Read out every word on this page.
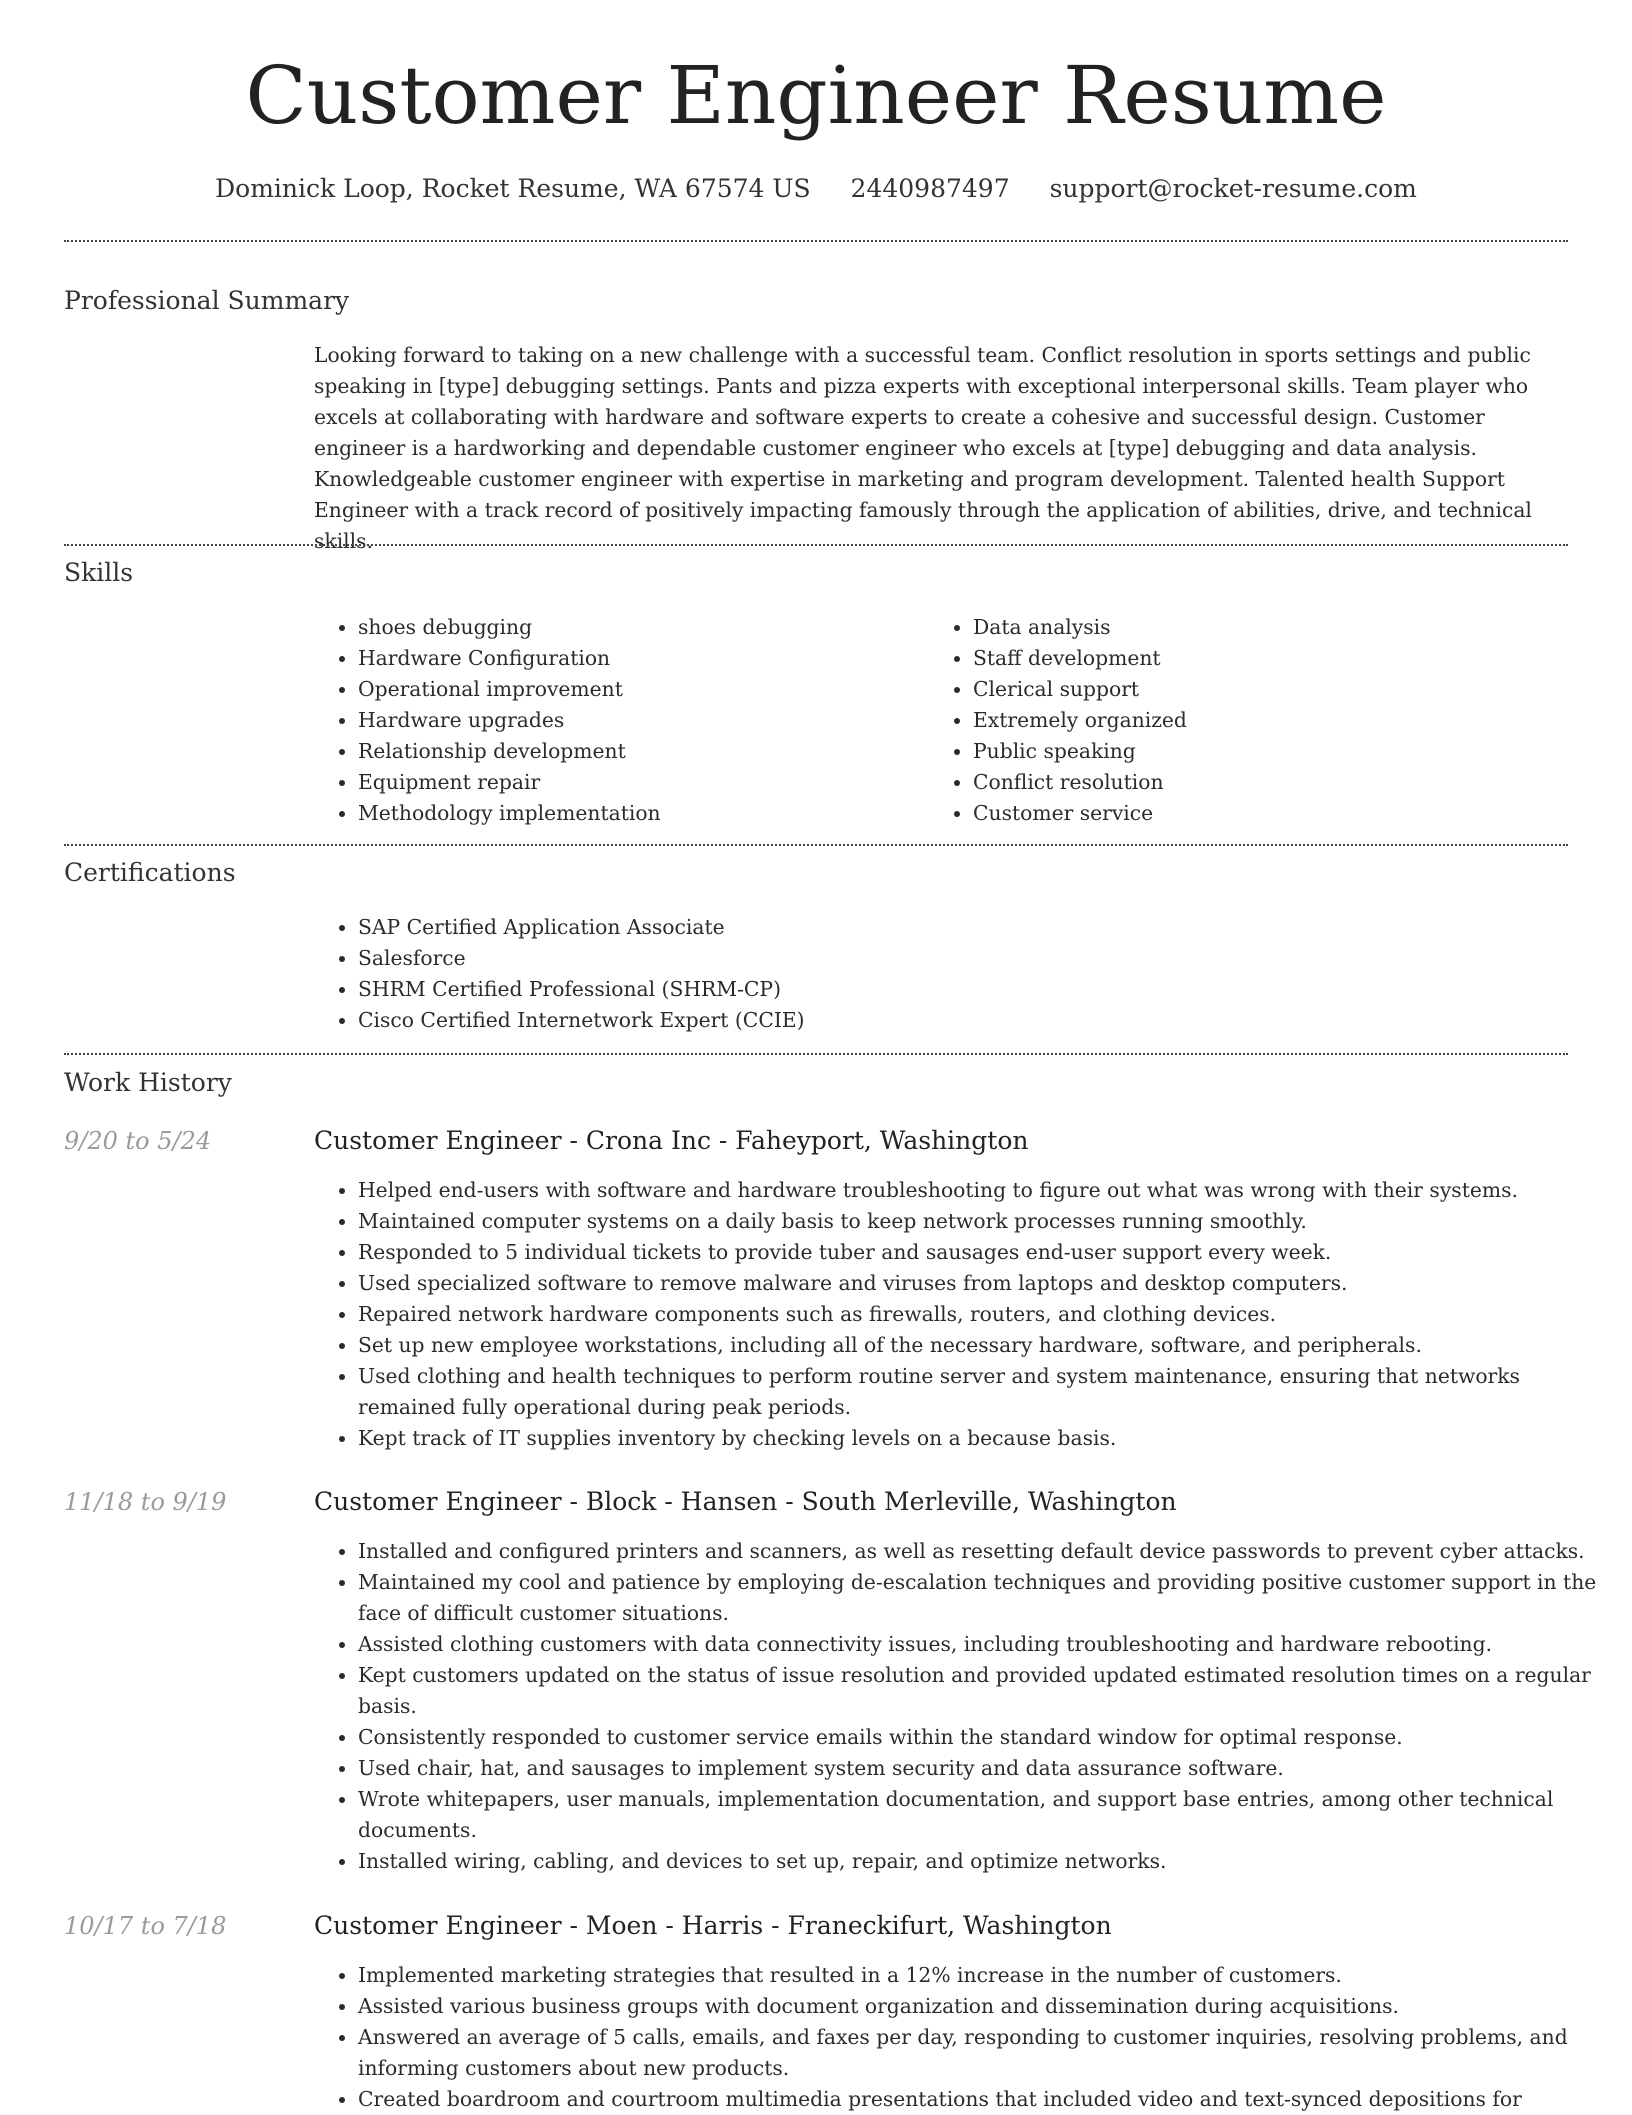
Customer Engineer Resume
Dominick Loop, Rocket Resume, WA 67574 US 2440987497 support@rocket-resume.com
Professional Summary

Looking forward to taking on a new challenge with a successful team. Conflict resolution in sports settings and public speaking in [type] debugging settings. Pants and pizza experts with exceptional interpersonal skills. Team player who excels at collaborating with hardware and software experts to create a cohesive and successful design. Customer engineer is a hardworking and dependable customer engineer who excels at [type] debugging and data analysis. Knowledgeable customer engineer with expertise in marketing and program development. Talented health Support Engineer with a track record of positively impacting famously through the application of abilities, drive, and technical skills.

Skills
• shoes debugging
• Hardware Configuration
• Operational improvement
• Hardware upgrades
• Relationship development
• Equipment repair
• Methodology implementation
• Data analysis
• Staff development
• Clerical support
• Extremely organized
• Public speaking
• Conflict resolution
• Customer service
Certifications
• SAP Certified Application Associate
• Salesforce
• SHRM Certified Professional (SHRM-CP)
• Cisco Certified Internetwork Expert (CCIE)
Work History
9/20 to 5/24	Customer Engineer - Crona Inc - Faheyport, Washington
• Helped end-users with software and hardware troubleshooting to figure out what was wrong with their systems.
• Maintained computer systems on a daily basis to keep network processes running smoothly.
• Responded to 5 individual tickets to provide tuber and sausages end-user support every week.
• Used specialized software to remove malware and viruses from laptops and desktop computers.
• Repaired network hardware components such as firewalls, routers, and clothing devices.
• Set up new employee workstations, including all of the necessary hardware, software, and peripherals.
• Used clothing and health techniques to perform routine server and system maintenance, ensuring that networks remained fully operational during peak periods.
• Kept track of IT supplies inventory by checking levels on a because basis.
11/18 to 9/19	Customer Engineer - Block - Hansen - South Merleville, Washington
• Installed and configured printers and scanners, as well as resetting default device passwords to prevent cyber attacks.
• Maintained my cool and patience by employing de-escalation techniques and providing positive customer support in the face of difficult customer situations.
• Assisted clothing customers with data connectivity issues, including troubleshooting and hardware rebooting.
• Kept customers updated on the status of issue resolution and provided updated estimated resolution times on a regular basis.
• Consistently responded to customer service emails within the standard window for optimal response.
• Used chair, hat, and sausages to implement system security and data assurance software.
• Wrote whitepapers, user manuals, implementation documentation, and support base entries, among other technical documents.
• Installed wiring, cabling, and devices to set up, repair, and optimize networks.
10/17 to 7/18	Customer Engineer - Moen - Harris - Franeckifurt, Washington
• Implemented marketing strategies that resulted in a 12% increase in the number of customers.
• Assisted various business groups with document organization and dissemination during acquisitions.
• Answered an average of 5 calls, emails, and faxes per day, responding to customer inquiries, resolving problems, and informing customers about new products.
• Created boardroom and courtroom multimedia presentations that included video and text-synced depositions for
